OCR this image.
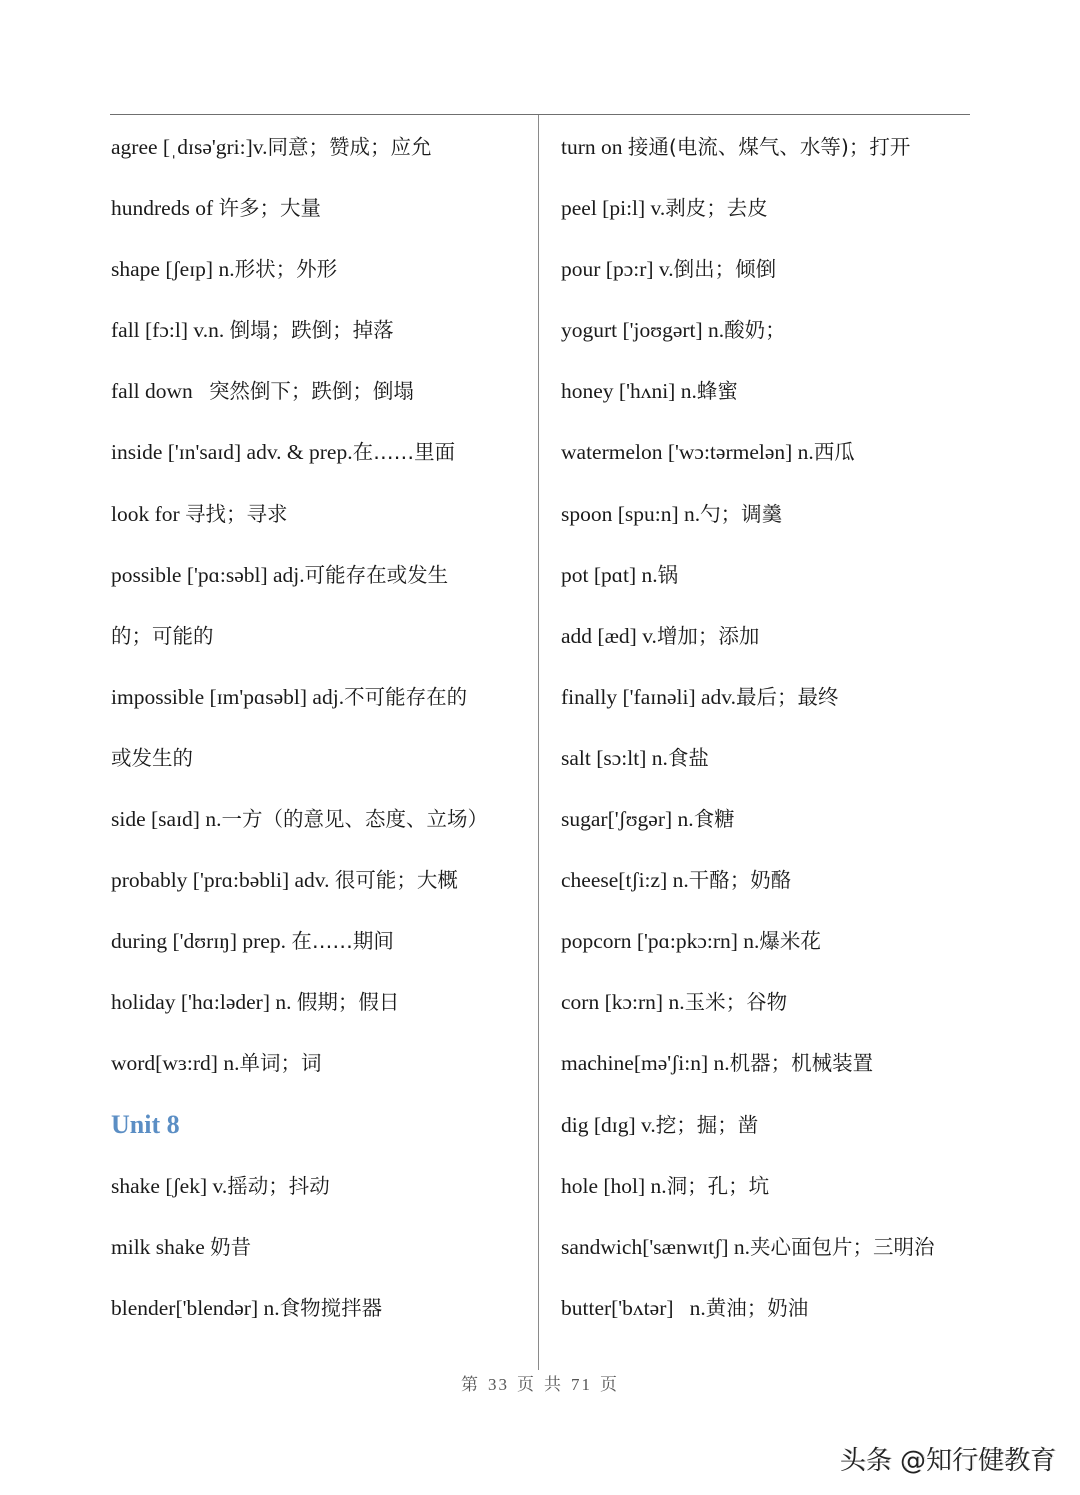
agree [ˌdɪsə'gri:]v.同意；赞成；应允
hundreds of 许多；大量
shape [ʃeɪp] n.形状；外形
fall [fɔ:l] v.n. 倒塌；跌倒；掉落
fall down   突然倒下；跌倒；倒塌
inside ['ɪn'saɪd] adv. & prep.在……里面
look for 寻找；寻求
possible ['pɑ:səbl] adj.可能存在或发生
的；可能的
impossible [ɪm'pɑsəbl] adj.不可能存在的
或发生的
side [saɪd] n.一方（的意见、态度、立场）
probably ['prɑ:bəbli] adv. 很可能；大概
during ['dʊrɪŋ] prep. 在……期间
holiday ['hɑ:ləder] n. 假期；假日
word[wɜ:rd] n.单词；词
Unit 8
shake [ʃek] v.摇动；抖动
milk shake 奶昔
blender['blendər] n.食物搅拌器
turn on 接通(电流、煤气、水等)；打开
peel [pi:l] v.剥皮；去皮
pour [pɔ:r] v.倒出；倾倒
yogurt ['joʊgərt] n.酸奶；
honey ['hʌni] n.蜂蜜
watermelon ['wɔ:tərmelən] n.西瓜
spoon [spu:n] n.勺；调羹
pot [pɑt] n.锅
add [æd] v.增加；添加
finally ['faɪnəli] adv.最后；最终
salt [sɔ:lt] n.食盐
sugar['ʃʊgər] n.食糖
cheese[tʃi:z] n.干酪；奶酪
popcorn ['pɑ:pkɔ:rn] n.爆米花
corn [kɔ:rn] n.玉米；谷物
machine[mə'ʃi:n] n.机器；机械装置
dig [dɪg] v.挖；掘；凿
hole [hol] n.洞；孔；坑
sandwich['sænwɪtʃ] n.夹心面包片；三明治
butter['bʌtər]   n.黄油；奶油
第 33 页 共 71 页
头条 @知行健教育
